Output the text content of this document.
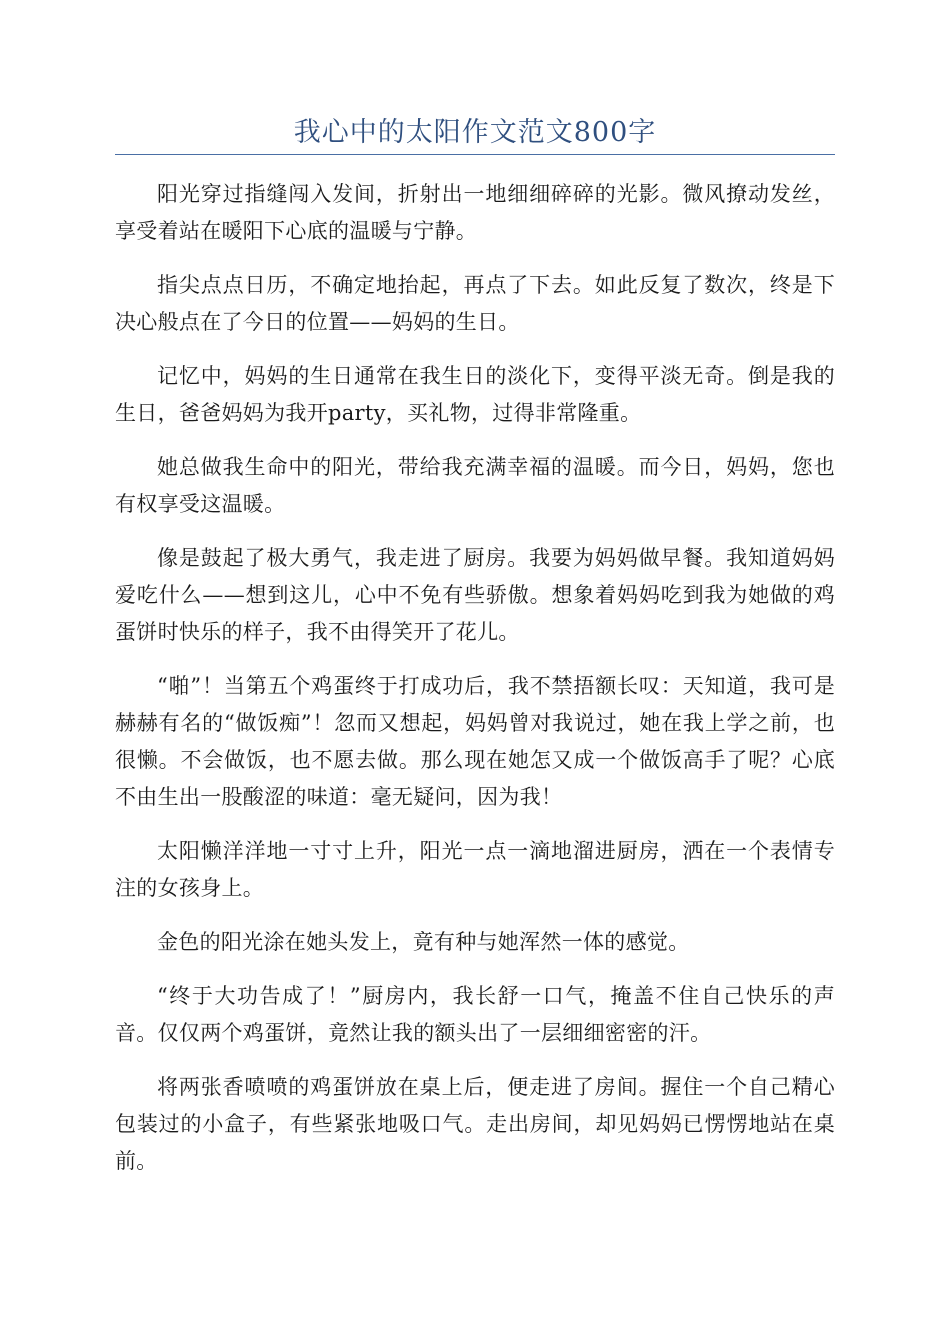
我心中的太阳作文范文800字

阳光穿过指缝闯入发间，折射出一地细细碎碎的光影。微风撩动发丝，享受着站在暖阳下心底的温暖与宁静。

指尖点点日历，不确定地抬起，再点了下去。如此反复了数次，终是下决心般点在了今日的位置——妈妈的生日。

记忆中，妈妈的生日通常在我生日的淡化下，变得平淡无奇。倒是我的生日，爸爸妈妈为我开party，买礼物，过得非常隆重。

她总做我生命中的阳光，带给我充满幸福的温暖。而今日，妈妈，您也有权享受这温暖。

像是鼓起了极大勇气，我走进了厨房。我要为妈妈做早餐。我知道妈妈爱吃什么——想到这儿，心中不免有些骄傲。想象着妈妈吃到我为她做的鸡蛋饼时快乐的样子，我不由得笑开了花儿。

“啪”！当第五个鸡蛋终于打成功后，我不禁捂额长叹：天知道，我可是赫赫有名的“做饭痴”！忽而又想起，妈妈曾对我说过，她在我上学之前，也很懒。不会做饭，也不愿去做。那么现在她怎又成一个做饭高手了呢？心底不由生出一股酸涩的味道：毫无疑问，因为我！

太阳懒洋洋地一寸寸上升，阳光一点一滴地溜进厨房，洒在一个表情专注的女孩身上。

金色的阳光涂在她头发上，竟有种与她浑然一体的感觉。

“终于大功告成了！”厨房内，我长舒一口气，掩盖不住自己快乐的声音。仅仅两个鸡蛋饼，竟然让我的额头出了一层细细密密的汗。

将两张香喷喷的鸡蛋饼放在桌上后，便走进了房间。握住一个自己精心包装过的小盒子，有些紧张地吸口气。走出房间，却见妈妈已愣愣地站在桌前。
